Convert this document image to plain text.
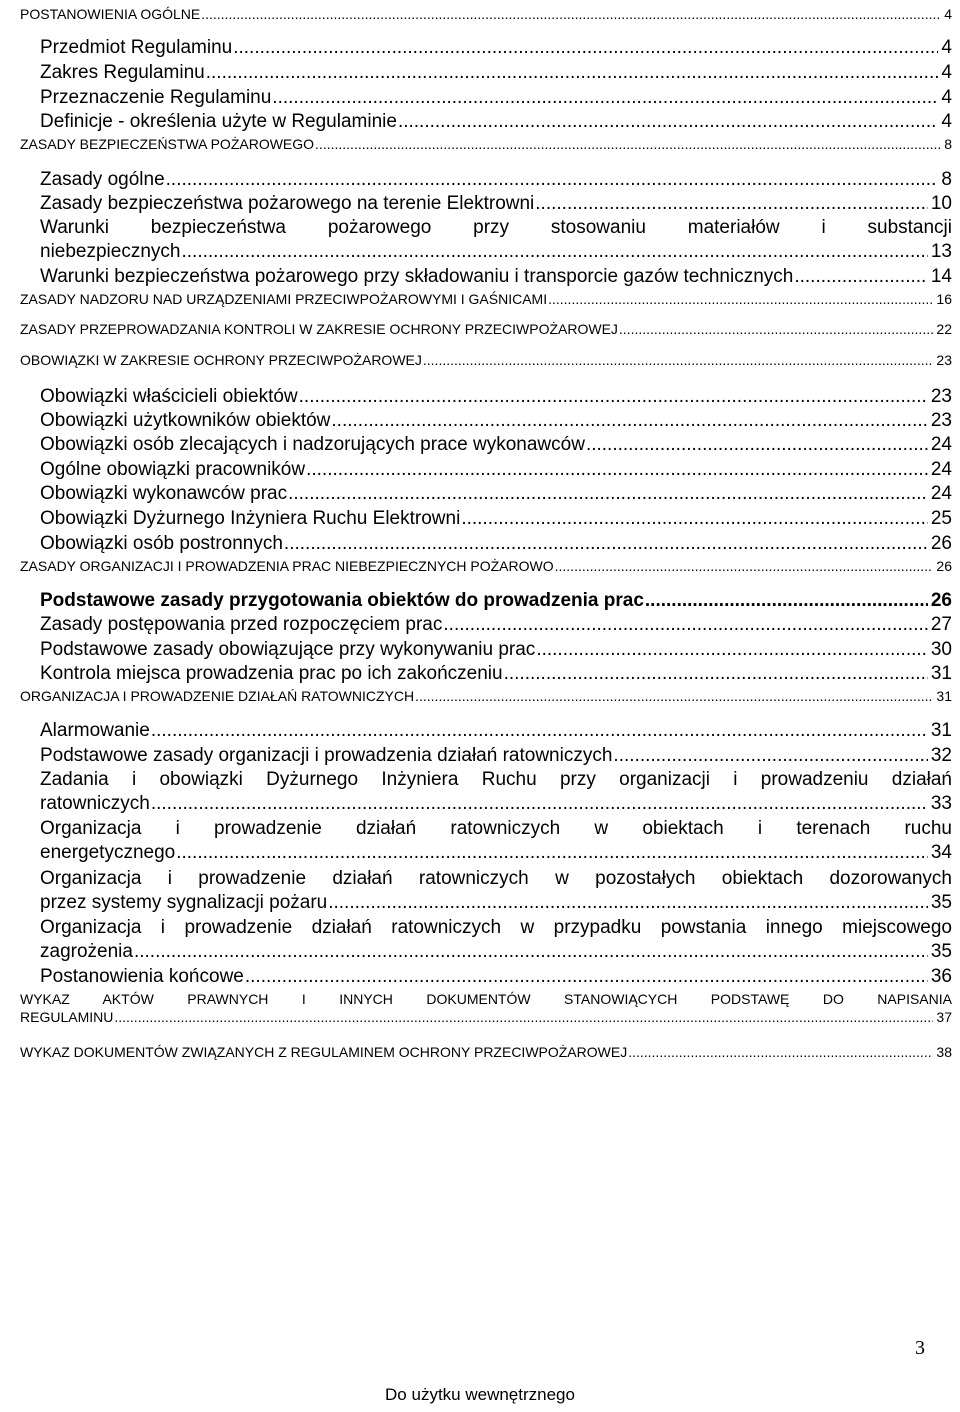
POSTANOWIENIA OGÓLNE .....	4
Przedmiot Regulaminu .....	4
Zakres Regulaminu .....	4
Przeznaczenie Regulaminu .....	4
Definicje - określenia użyte w Regulaminie .....	4
ZASADY BEZPIECZEŃSTWA POŻAROWEGO .....	8
Zasady ogólne .....	8
Zasady bezpieczeństwa pożarowego na terenie Elektrowni .....	10
Warunki bezpieczeństwa pożarowego przy stosowaniu materiałów i substancji
niebezpiecznych .....	13
Warunki bezpieczeństwa pożarowego przy składowaniu i transporcie gazów technicznych .....	14
ZASADY NADZORU NAD URZĄDZENIAMI PRZECIWPOŻAROWYMI I GAŚNICAMI .....	16
ZASADY PRZEPROWADZANIA KONTROLI W ZAKRESIE OCHRONY PRZECIWPOŻAROWEJ .....	22
OBOWIĄZKI W ZAKRESIE OCHRONY PRZECIWPOŻAROWEJ .....	23
Obowiązki właścicieli obiektów .....	23
Obowiązki użytkowników obiektów .....	23
Obowiązki osób zlecających i nadzorujących prace wykonawców .....	24
Ogólne obowiązki pracowników .....	24
Obowiązki wykonawców prac .....	24
Obowiązki Dyżurnego Inżyniera Ruchu Elektrowni .....	25
Obowiązki osób postronnych .....	26
ZASADY ORGANIZACJI I PROWADZENIA PRAC NIEBEZPIECZNYCH POŻAROWO .....	26
Podstawowe zasady przygotowania obiektów do prowadzenia prac .....	26
Zasady postępowania przed rozpoczęciem prac .....	27
Podstawowe zasady obowiązujące przy wykonywaniu prac .....	30
Kontrola miejsca prowadzenia prac po ich zakończeniu .....	31
ORGANIZACJA I PROWADZENIE DZIAŁAŃ RATOWNICZYCH .....	31
Alarmowanie .....	31
Podstawowe zasady organizacji i prowadzenia działań ratowniczych .....	32
Zadania i obowiązki Dyżurnego Inżyniera Ruchu przy organizacji i prowadzeniu działań
ratowniczych .....	33
Organizacja i prowadzenie działań ratowniczych w obiektach i terenach ruchu
energetycznego .....	34
Organizacja i prowadzenie działań ratowniczych w pozostałych obiektach dozorowanych
przez systemy sygnalizacji pożaru .....	35
Organizacja i prowadzenie działań ratowniczych w przypadku powstania innego miejscowego
zagrożenia .....	35
Postanowienia końcowe .....	36
WYKAZ AKTÓW PRAWNYCH I INNYCH DOKUMENTÓW STANOWIĄCYCH PODSTAWĘ DO NAPISANIA
REGULAMINU .....	37
WYKAZ DOKUMENTÓW ZWIĄZANYCH Z REGULAMINEM OCHRONY PRZECIWPOŻAROWEJ .....	38
3
Do użytku wewnętrznego
